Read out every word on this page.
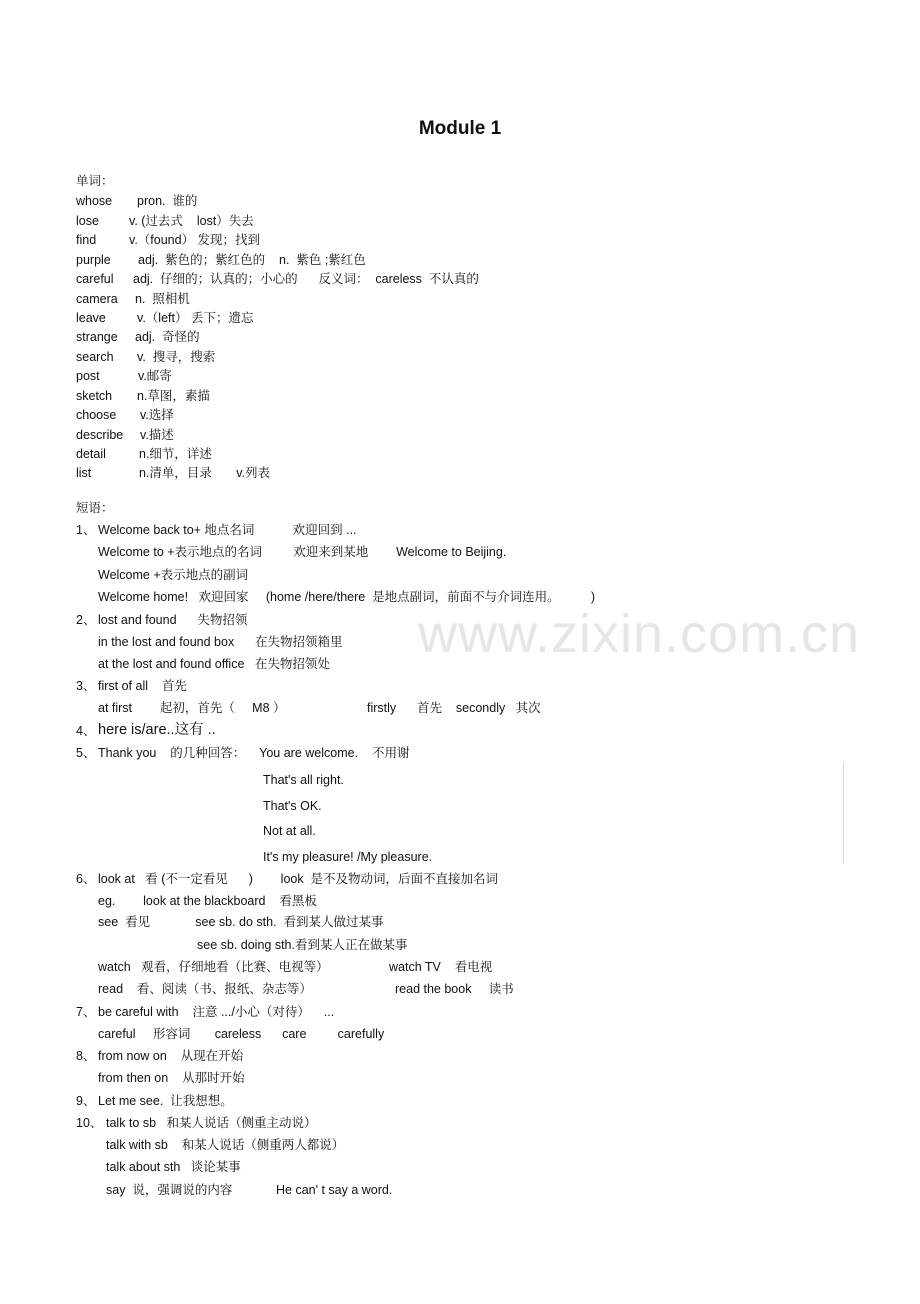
www.zixin.com.cn
Module 1
单词：
whose pron.  谁的
lose v. (过去式    lost）失去
find	v.（found） 发现；找到
purple adj.  紫色的；紫红色的    n.  紫色 ;紫红色
careful adj.  仔细的；认真的；小心的      反义词：  careless  不认真的
camera n.  照相机
leave v.（left） 丢下；遗忘
strange adj.  奇怪的
search v.  搜寻，搜索
post	v.邮寄
sketch n.草图，素描
choose v.选择
describe v.描述
detail	n.细节，详述
list	n.清单，目录       v.列表
短语：
1、 Welcome back to+ 地点名词           欢迎回到 ...
Welcome to +表示地点的名词         欢迎来到某地        Welcome to Beijing.
Welcome +表示地点的副词
Welcome home!   欢迎回家     (home /here/there  是地点副词，前面不与介词连用。         )
2、 lost and found      失物招领
in the lost and found box      在失物招领箱里
at the lost and found office   在失物招领处
3、 first of all    首先
at first        起初，首先（     M8 ）	firstly      首先    secondly   其次
4、 here is/are..这有 ..
5、 Thank you    的几种回答：    You are welcome.    不用谢
That's all right.
That's OK.
Not at all.
It's my pleasure! /My pleasure.
6、 look at   看 (不一定看见      )        look  是不及物动词，后面不直接加名词
eg.        look at the blackboard    看黑板
see  看见             see sb. do sth.  看到某人做过某事
see sb. doing sth.看到某人正在做某事
watch   观看，仔细地看（比赛、电视等）	watch TV    看电视
read    看、阅读（书、报纸、杂志等）	read the book     读书
7、 be careful with    注意 .../小心（对待）    ...
careful     形容词       careless      care         carefully
8、 from now on    从现在开始
from then on    从那时开始
9、 Let me see.  让我想想。
10、 talk to sb   和某人说话（侧重主动说）
talk with sb    和某人说话（侧重两人都说）
talk about sth   谈论某事
say  说，强调说的内容	He can' t say a word.
